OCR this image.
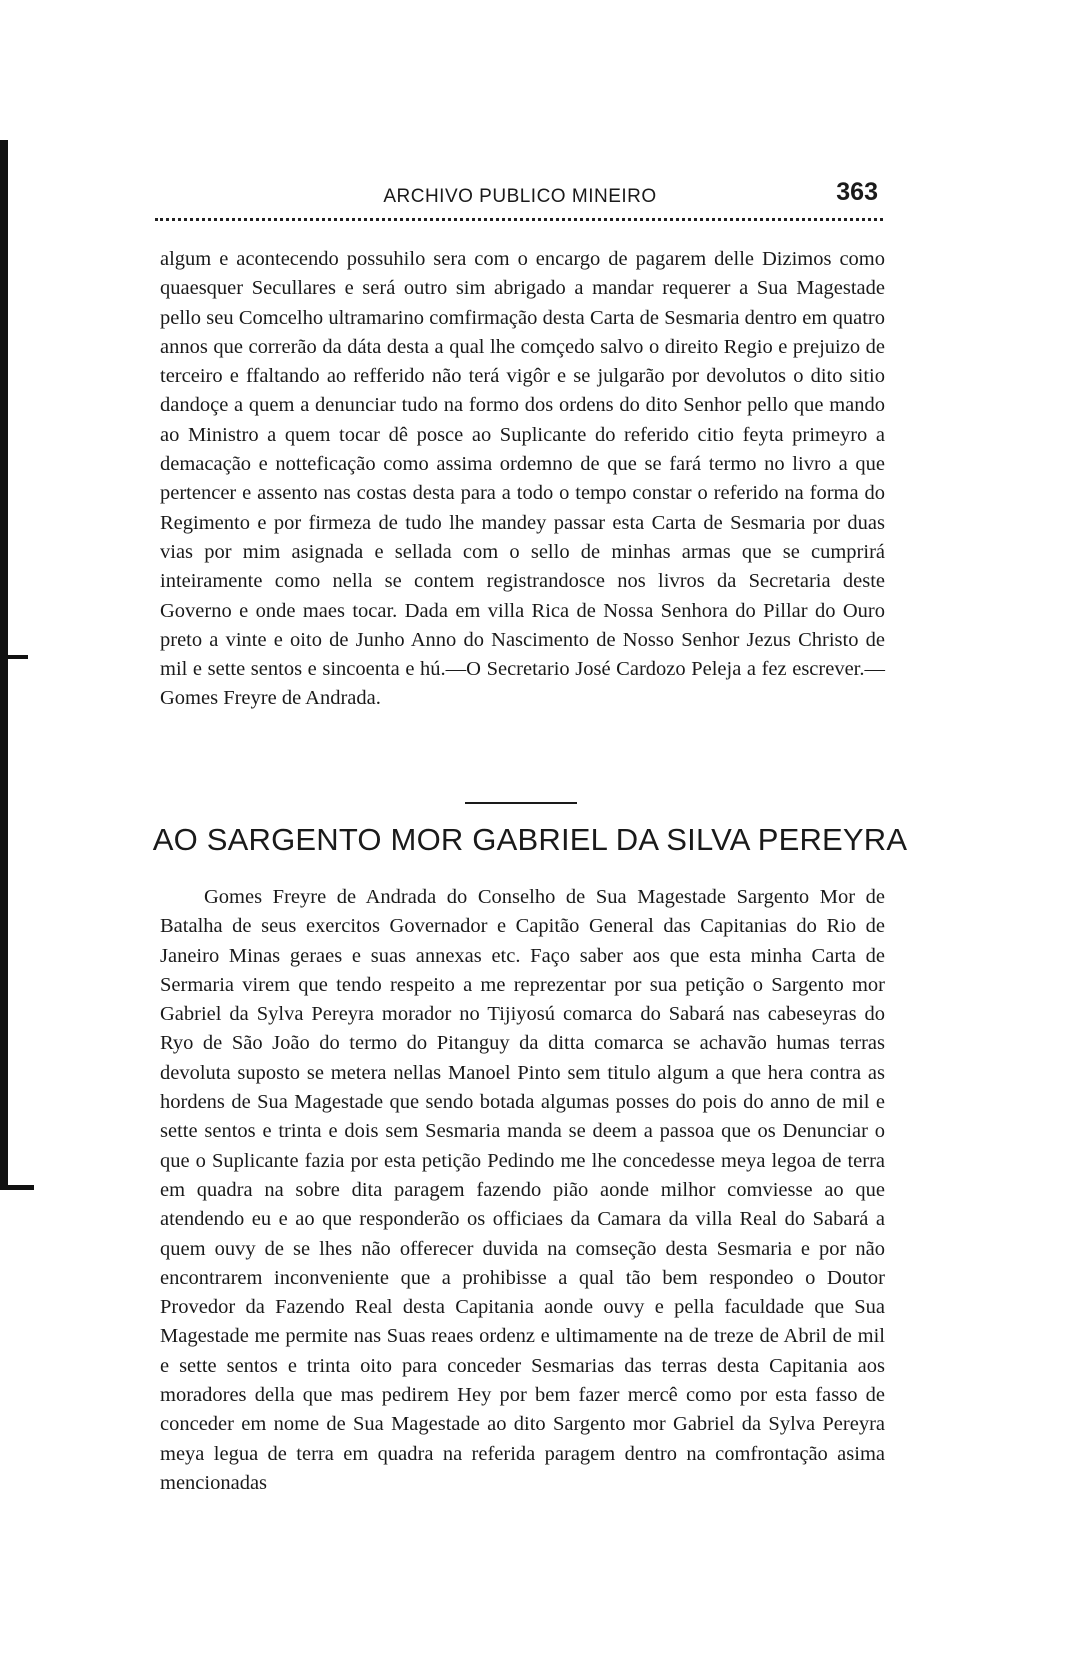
ARCHIVO PUBLICO MINEIRO	363

algum e acontecendo possuhilo sera com o encargo de pagarem delle Dizimos como quaesquer Secullares e será outro sim abrigado a mandar requerer a Sua Magestade pello seu Comcelho ultramarino comfirmação desta Carta de Sesmaria dentro em quatro annos que correrão da dáta desta a qual lhe comçedo salvo o direito Regio e prejuizo de terceiro e ffaltando ao refferido não terá vigôr e se julgarão por devolutos o dito sitio dandoçe a quem a denunciar tudo na formo dos ordens do dito Senhor pello que mando ao Ministro a quem tocar dê posce ao Suplicante do referido citio feyta primeyro a demacação e notteficação como assima ordemno de que se fará termo no livro a que pertencer e assento nas costas desta para a todo o tempo constar o referido na forma do Regimento e por firmeza de tudo lhe mandey passar esta Carta de Sesmaria por duas vias por mim asignada e sellada com o sello de minhas armas que se cumprirá inteiramente como nella se contem registrandosce nos livros da Secretaria deste Governo e onde maes tocar. Dada em villa Rica de Nossa Senhora do Pillar do Ouro preto a vinte e oito de Junho Anno do Nascimento de Nosso Senhor Jezus Christo de mil e sette sentos e sincoenta e hú.—O Secretario José Cardozo Peleja a fez escrever.— Gomes Freyre de Andrada.

AO SARGENTO MOR GABRIEL DA SILVA PEREYRA

Gomes Freyre de Andrada do Conselho de Sua Magestade Sargento Mor de Batalha de seus exercitos Governador e Capitão General das Capitanias do Rio de Janeiro Minas geraes e suas annexas etc. Faço saber aos que esta minha Carta de Sermaria virem que tendo respeito a me reprezentar por sua petição o Sargento mor Gabriel da Sylva Pereyra morador no Tijiyosú comarca do Sabará nas cabeseyras do Ryo de São João do termo do Pitanguy da ditta comarca se achavão humas terras devoluta suposto se metera nellas Manoel Pinto sem titulo algum a que hera contra as hordens de Sua Magestade que sendo botada algumas posses do pois do anno de mil e sette sentos e trinta e dois sem Sesmaria manda se deem a passoa que os Denunciar o que o Suplicante fazia por esta petição Pedindo me lhe concedesse meya legoa de terra em quadra na sobre dita paragem fazendo pião aonde milhor comviesse ao que atendendo eu e ao que responderão os officiaes da Camara da villa Real do Sabará a quem ouvy de se lhes não offerecer duvida na comseção desta Sesmaria e por não encontrarem inconveniente que a prohibisse a qual tão bem respondeo o Doutor Provedor da Fazendo Real desta Capitania aonde ouvy e pella faculdade que Sua Magestade me permite nas Suas reaes ordenz e ultimamente na de treze de Abril de mil e sette sentos e trinta oito para conceder Sesmarias das terras desta Capitania aos moradores della que mas pedirem Hey por bem fazer mercê como por esta fasso de conceder em nome de Sua Magestade ao dito Sargento mor Gabriel da Sylva Pereyra meya legua de terra em quadra na referida paragem dentro na comfrontação asima mencionadas
